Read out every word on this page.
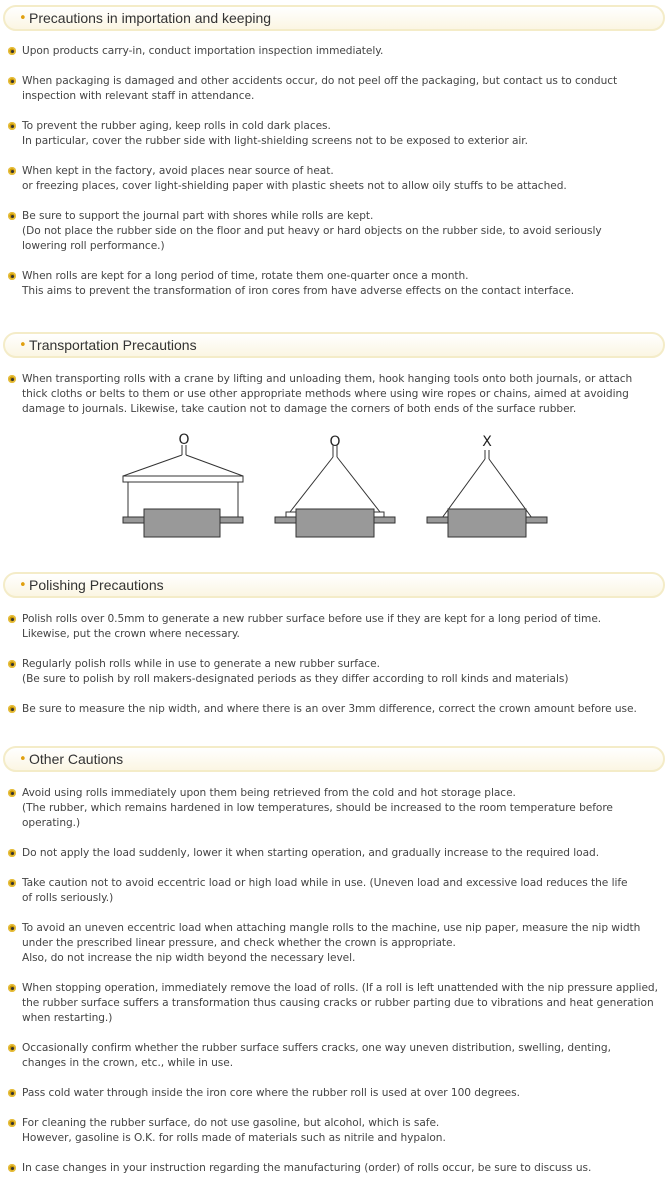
• Precautions in importation and keeping
• Transportation Precautions
• Polishing Precautions
• Other Cautions
Upon products carry-in, conduct importation inspection immediately.
When packaging is damaged and other accidents occur, do not peel off the packaging, but contact us to conduct
inspection with relevant staff in attendance.
To prevent the rubber aging, keep rolls in cold dark places.
In particular, cover the rubber side with light-shielding screens not to be exposed to exterior air.
When kept in the factory, avoid places near source of heat.
or freezing places, cover light-shielding paper with plastic sheets not to allow oily stuffs to be attached.
Be sure to support the journal part with shores while rolls are kept.
(Do not place the rubber side on the floor and put heavy or hard objects on the rubber side, to avoid seriously
lowering roll performance.)
When rolls are kept for a long period of time, rotate them one-quarter once a month.
This aims to prevent the transformation of iron cores from have adverse effects on the contact interface.
When transporting rolls with a crane by lifting and unloading them, hook hanging tools onto both journals, or attach
thick cloths or belts to them or use other appropriate methods where using wire ropes or chains, aimed at avoiding
damage to journals. Likewise, take caution not to damage the corners of both ends of the surface rubber.
O	O	X
Polish rolls over 0.5mm to generate a new rubber surface before use if they are kept for a long period of time.
Likewise, put the crown where necessary.
Regularly polish rolls while in use to generate a new rubber surface.
(Be sure to polish by roll makers-designated periods as they differ according to roll kinds and materials)
Be sure to measure the nip width, and where there is an over 3mm difference, correct the crown amount before use.
Avoid using rolls immediately upon them being retrieved from the cold and hot storage place.
(The rubber, which remains hardened in low temperatures, should be increased to the room temperature before
operating.)
Do not apply the load suddenly, lower it when starting operation, and gradually increase to the required load.
Take caution not to avoid eccentric load or high load while in use. (Uneven load and excessive load reduces the life
of rolls seriously.)
To avoid an uneven eccentric load when attaching mangle rolls to the machine, use nip paper, measure the nip width
under the prescribed linear pressure, and check whether the crown is appropriate.
Also, do not increase the nip width beyond the necessary level.
When stopping operation, immediately remove the load of rolls. (If a roll is left unattended with the nip pressure applied,
the rubber surface suffers a transformation thus causing cracks or rubber parting due to vibrations and heat generation
when restarting.)
Occasionally confirm whether the rubber surface suffers cracks, one way uneven distribution, swelling, denting,
changes in the crown, etc., while in use.
Pass cold water through inside the iron core where the rubber roll is used at over 100 degrees.
For cleaning the rubber surface, do not use gasoline, but alcohol, which is safe.
However, gasoline is O.K. for rolls made of materials such as nitrile and hypalon.
In case changes in your instruction regarding the manufacturing (order) of rolls occur, be sure to discuss us.
